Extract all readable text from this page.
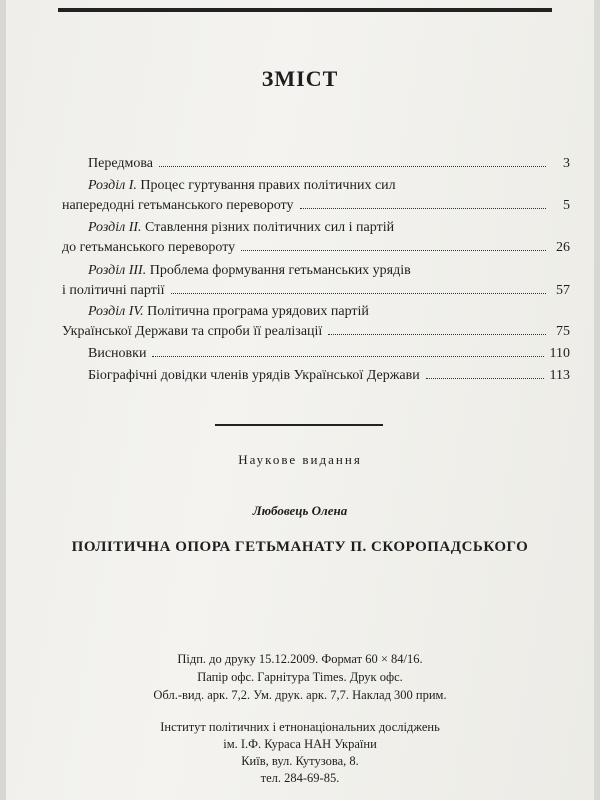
ЗМІСТ
Передмова	3
Розділ I. Процес гуртування правих політичних сил
напередодні гетьманського перевороту	5
Розділ II. Ставлення різних політичних сил і партій
до гетьманського перевороту	26
Розділ III. Проблема формування гетьманських урядів
і політичні партії	57
Розділ IV. Політична програма урядових партій
Української Держави та спроби її реалізації	75
Висновки	110
Біографічні довідки членів урядів Української Держави	113
Наукове видання
Любовець Олена
ПОЛІТИЧНА ОПОРА ГЕТЬМАНАТУ П. СКОРОПАДСЬКОГО
Підп. до друку 15.12.2009. Формат 60 × 84/16.
Папір офс. Гарнітура Times. Друк офс.
Обл.-вид. арк. 7,2. Ум. друк. арк. 7,7. Наклад 300 прим.
Інститут політичних і етнонаціональних досліджень
ім. І.Ф. Кураса НАН України
Київ, вул. Кутузова, 8.
тел. 284-69-85.
